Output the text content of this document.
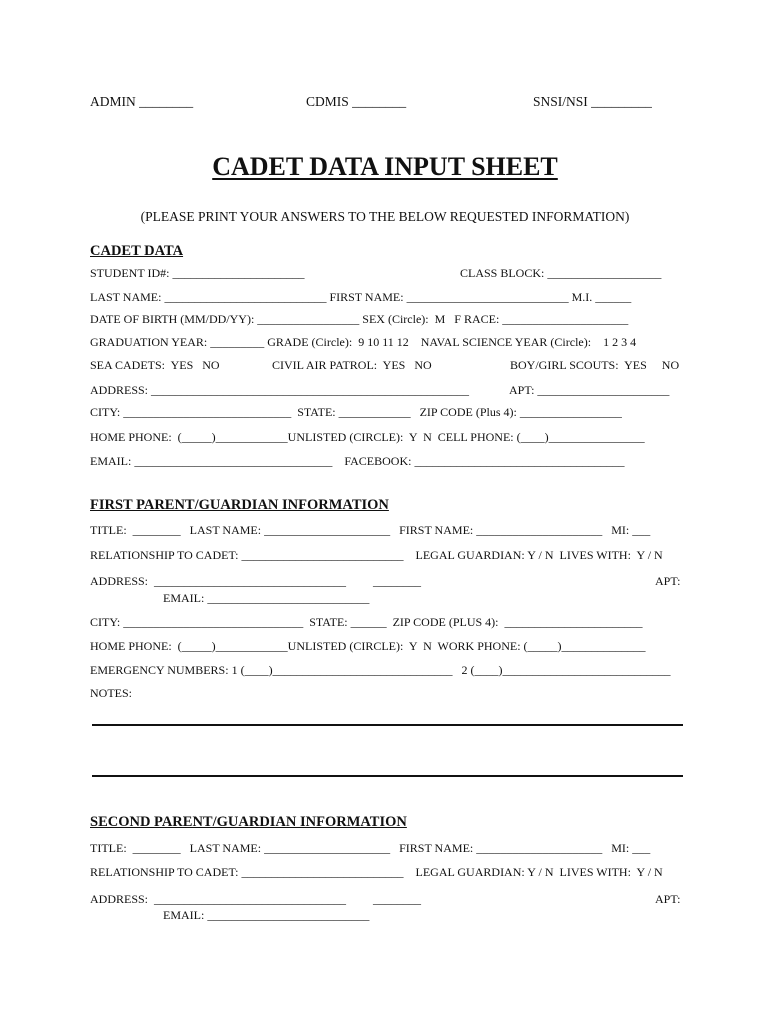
ADMIN ________	CDMIS ________	SNSI/NSI _________
CADET DATA INPUT SHEET
(PLEASE PRINT YOUR ANSWERS TO THE BELOW REQUESTED INFORMATION)
CADET DATA
STUDENT ID#: ______________________	CLASS BLOCK: ___________________
LAST NAME: ___________________________ FIRST NAME: ___________________________ M.I. ______
DATE OF BIRTH (MM/DD/YY): _________________ SEX (Circle):  M   F RACE: _____________________
GRADUATION YEAR: _________ GRADE (Circle):  9 10 11 12    NAVAL SCIENCE YEAR (Circle):    1 2 3 4
SEA CADETS:  YES   NO	CIVIL AIR PATROL:  YES   NO	BOY/GIRL SCOUTS:  YES     NO
ADDRESS: _____________________________________________________	APT: ______________________
CITY: ____________________________  STATE: ____________   ZIP CODE (Plus 4): _________________
HOME PHONE:  (_____)____________UNLISTED (CIRCLE):  Y  N  CELL PHONE: (____)________________
EMAIL: _________________________________    FACEBOOK: ___________________________________
FIRST PARENT/GUARDIAN INFORMATION
TITLE:  ________   LAST NAME: _____________________   FIRST NAME: _____________________   MI: ___
RELATIONSHIP TO CADET: ___________________________    LEGAL GUARDIAN: Y / N  LIVES WITH:  Y / N
ADDRESS:  ________________________________         ________	APT:
EMAIL: ___________________________
CITY: ______________________________  STATE: ______  ZIP CODE (PLUS 4):  _______________________
HOME PHONE:  (_____)____________UNLISTED (CIRCLE):  Y  N  WORK PHONE: (_____)______________
EMERGENCY NUMBERS: 1 (____)______________________________   2 (____)____________________________
NOTES:
SECOND PARENT/GUARDIAN INFORMATION
TITLE:  ________   LAST NAME: _____________________   FIRST NAME: _____________________   MI: ___
RELATIONSHIP TO CADET: ___________________________    LEGAL GUARDIAN: Y / N  LIVES WITH:  Y / N
ADDRESS:  ________________________________         ________	APT:
EMAIL: ___________________________
